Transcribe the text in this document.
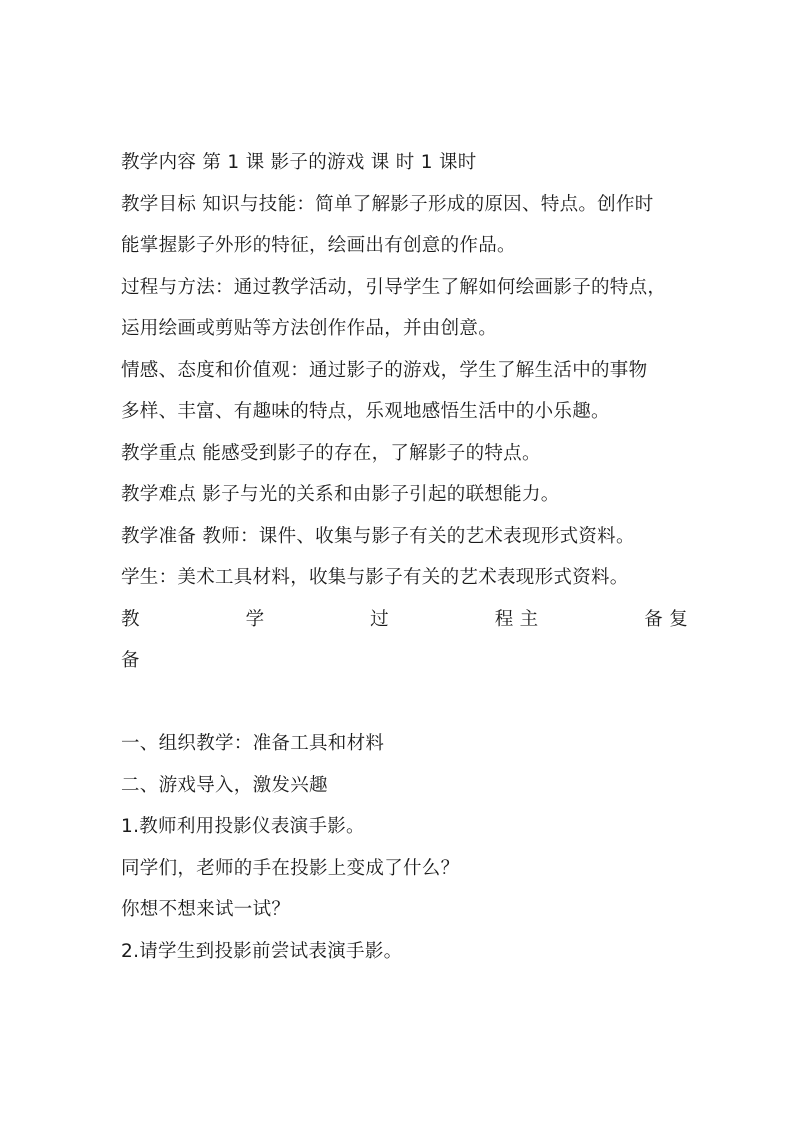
教学内容 第 1 课 影子的游戏 课 时 1 课时
教学目标 知识与技能：简单了解影子形成的原因、特点。创作时
能掌握影子外形的特征，绘画出有创意的作品。
过程与方法：通过教学活动，引导学生了解如何绘画影子的特点，
运用绘画或剪贴等方法创作作品，并由创意。
情感、态度和价值观：通过影子的游戏，学生了解生活中的事物
多样、丰富、有趣味的特点，乐观地感悟生活中的小乐趣。
教学重点 能感受到影子的存在，了解影子的特点。
教学难点 影子与光的关系和由影子引起的联想能力。
教学准备 教师：课件、收集与影子有关的艺术表现形式资料。
学生：美术工具材料，收集与影子有关的艺术表现形式资料。
教	学	过	程 主	备 复
备
一、组织教学：准备工具和材料
二、游戏导入，激发兴趣
1.教师利用投影仪表演手影。
同学们，老师的手在投影上变成了什么？
你想不想来试一试？
2.请学生到投影前尝试表演手影。
